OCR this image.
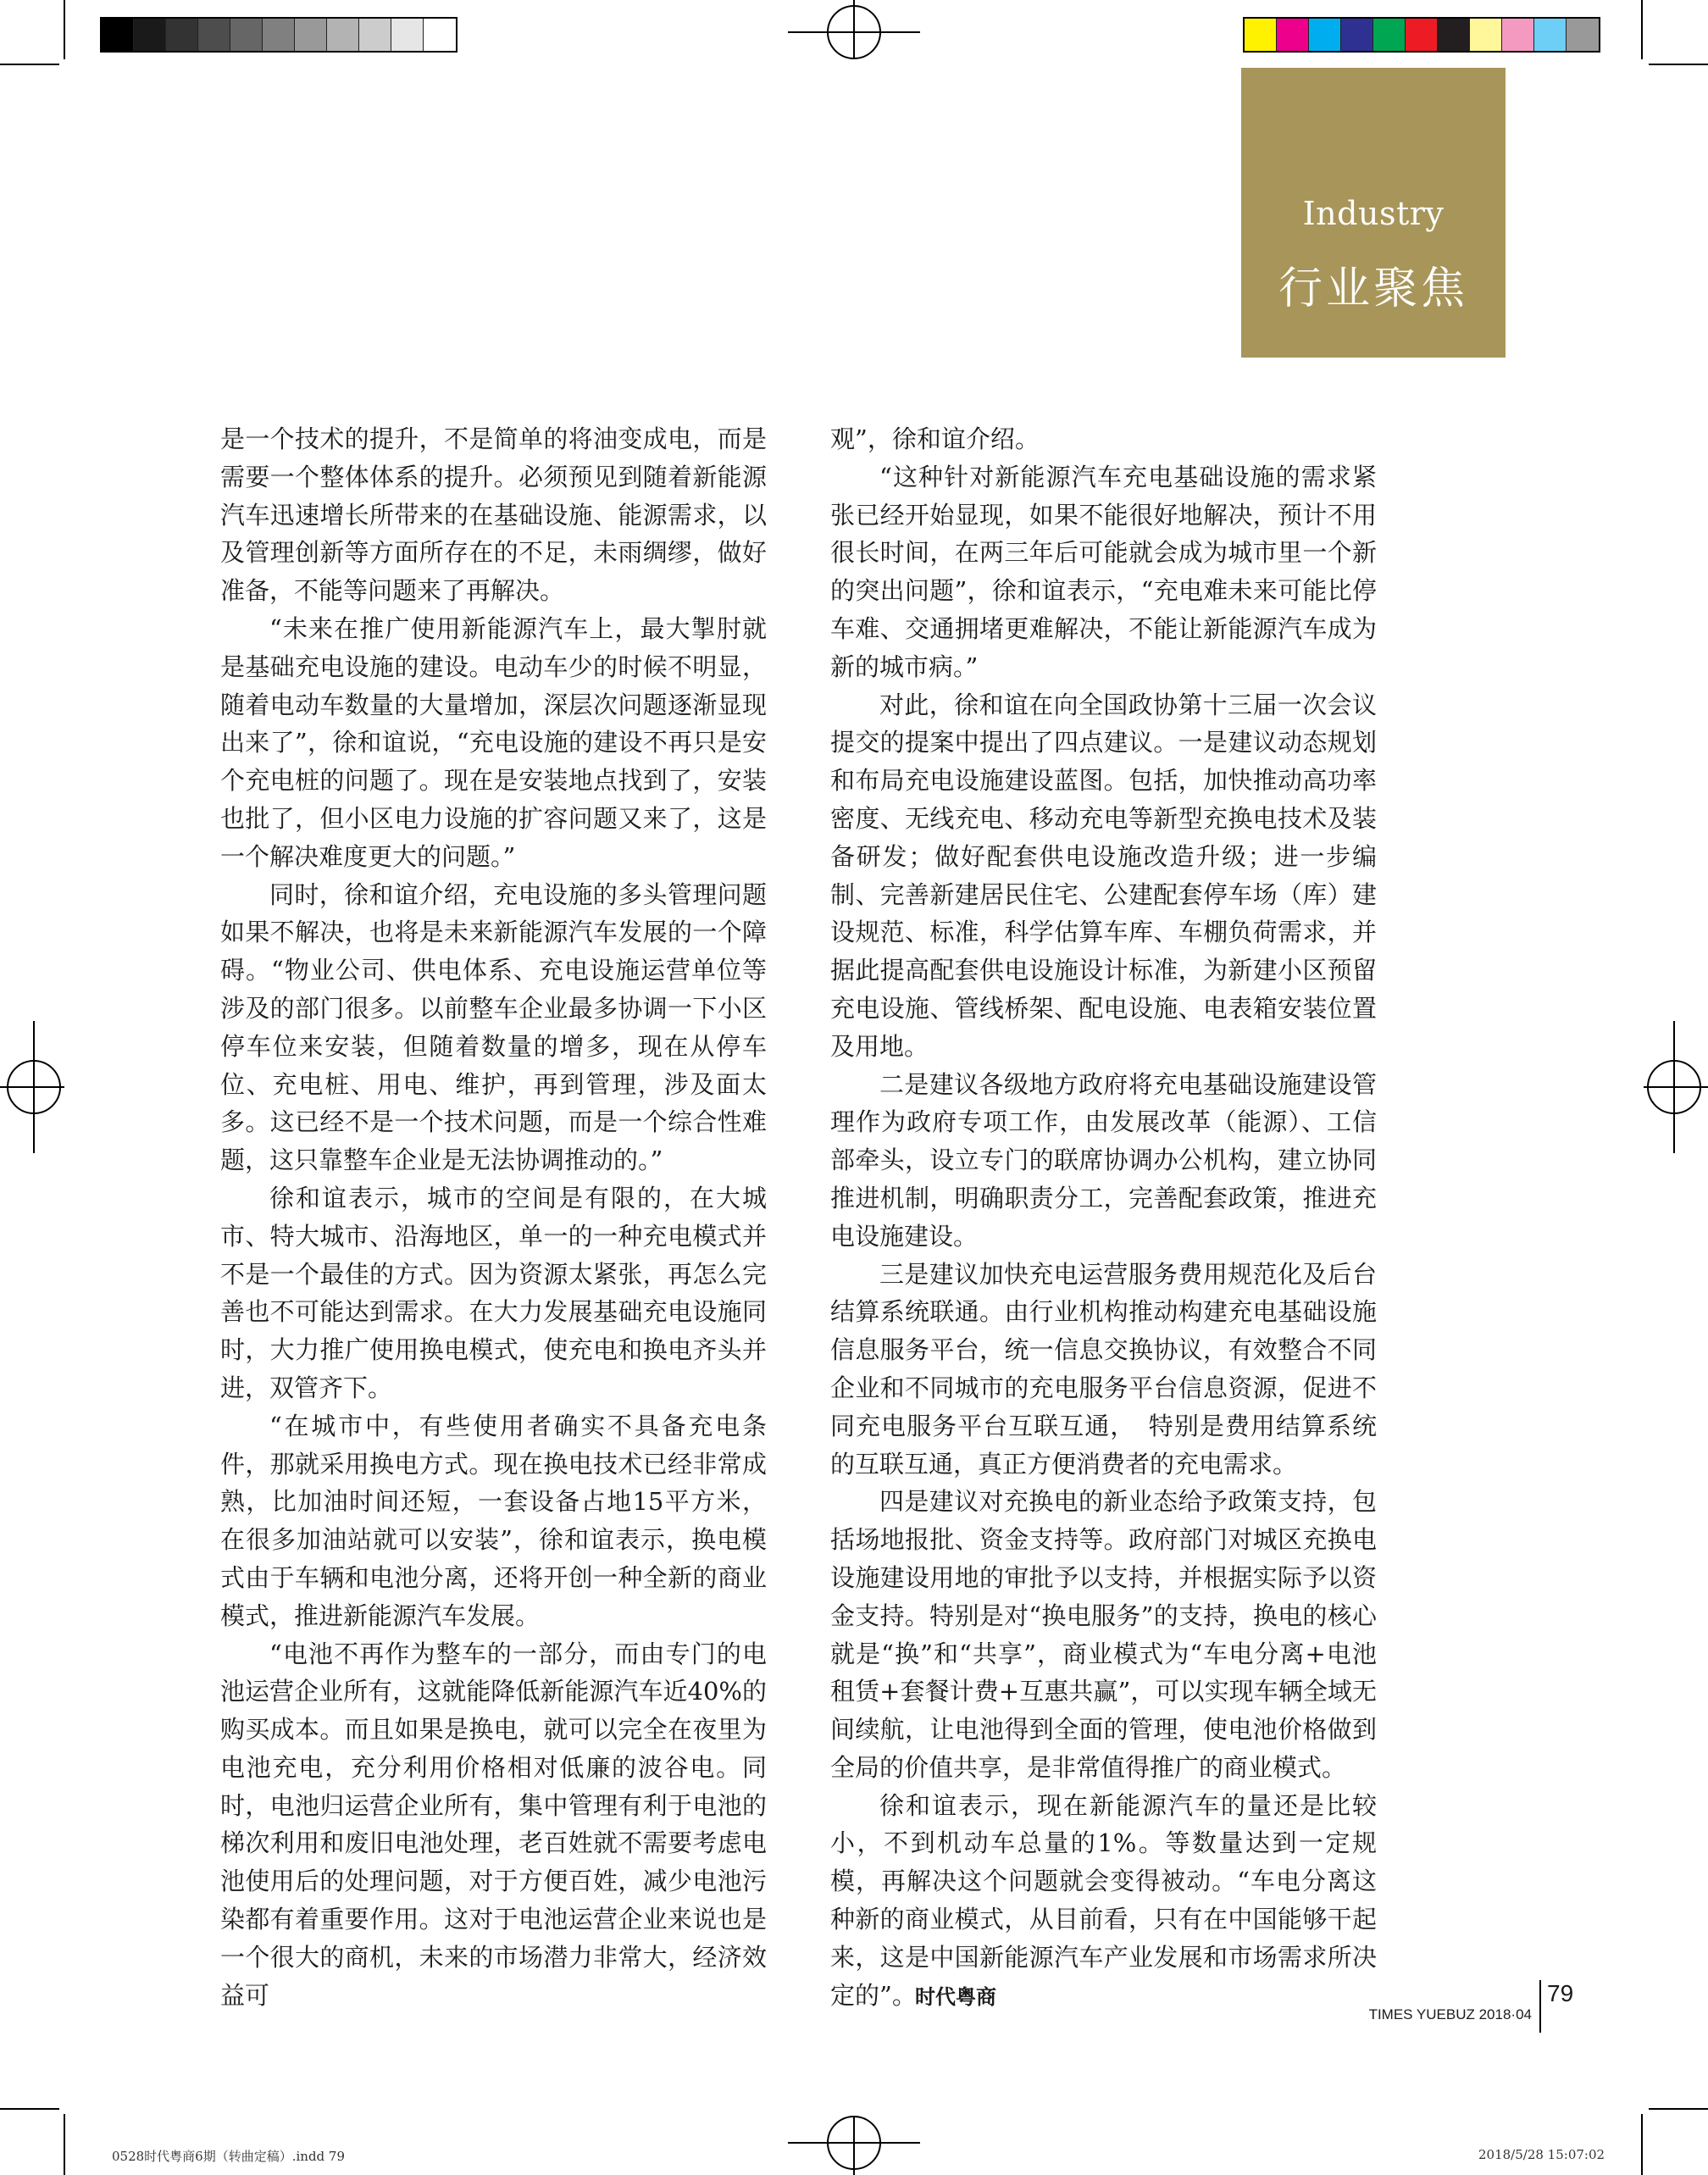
Industry
行业聚焦

是一个技术的提升，不是简单的将油变成电，而是需要一个整体体系的提升。必须预见到随着新能源汽车迅速增长所带来的在基础设施、能源需求，以及管理创新等方面所存在的不足，未雨绸缪，做好准备，不能等问题来了再解决。

“未来在推广使用新能源汽车上，最大掣肘就是基础充电设施的建设。电动车少的时候不明显，随着电动车数量的大量增加，深层次问题逐渐显现出来了”，徐和谊说，“充电设施的建设不再只是安个充电桩的问题了。现在是安装地点找到了，安装也批了，但小区电力设施的扩容问题又来了，这是一个解决难度更大的问题。”

同时，徐和谊介绍，充电设施的多头管理问题如果不解决，也将是未来新能源汽车发展的一个障碍。“物业公司、供电体系、充电设施运营单位等涉及的部门很多。以前整车企业最多协调一下小区停车位来安装，但随着数量的增多，现在从停车位、充电桩、用电、维护，再到管理，涉及面太多。这已经不是一个技术问题，而是一个综合性难题，这只靠整车企业是无法协调推动的。”

徐和谊表示，城市的空间是有限的，在大城市、特大城市、沿海地区，单一的一种充电模式并不是一个最佳的方式。因为资源太紧张，再怎么完善也不可能达到需求。在大力发展基础充电设施同时，大力推广使用换电模式，使充电和换电齐头并进，双管齐下。

“在城市中，有些使用者确实不具备充电条件，那就采用换电方式。现在换电技术已经非常成熟，比加油时间还短，一套设备占地15平方米，在很多加油站就可以安装”，徐和谊表示，换电模式由于车辆和电池分离，还将开创一种全新的商业模式，推进新能源汽车发展。

“电池不再作为整车的一部分，而由专门的电池运营企业所有，这就能降低新能源汽车近40%的购买成本。而且如果是换电，就可以完全在夜里为电池充电，充分利用价格相对低廉的波谷电。同时，电池归运营企业所有，集中管理有利于电池的梯次利用和废旧电池处理，老百姓就不需要考虑电池使用后的处理问题，对于方便百姓，减少电池污染都有着重要作用。这对于电池运营企业来说也是一个很大的商机，未来的市场潜力非常大，经济效益可

观”，徐和谊介绍。

“这种针对新能源汽车充电基础设施的需求紧张已经开始显现，如果不能很好地解决，预计不用很长时间，在两三年后可能就会成为城市里一个新的突出问题”，徐和谊表示，“充电难未来可能比停车难、交通拥堵更难解决，不能让新能源汽车成为新的城市病。”

对此，徐和谊在向全国政协第十三届一次会议提交的提案中提出了四点建议。一是建议动态规划和布局充电设施建设蓝图。包括，加快推动高功率密度、无线充电、移动充电等新型充换电技术及装备研发；做好配套供电设施改造升级；进一步编制、完善新建居民住宅、公建配套停车场（库）建设规范、标准，科学估算车库、车棚负荷需求，并据此提高配套供电设施设计标准，为新建小区预留充电设施、管线桥架、配电设施、电表箱安装位置及用地。

二是建议各级地方政府将充电基础设施建设管理作为政府专项工作，由发展改革（能源）、工信部牵头，设立专门的联席协调办公机构，建立协同推进机制，明确职责分工，完善配套政策，推进充电设施建设。

三是建议加快充电运营服务费用规范化及后台结算系统联通。由行业机构推动构建充电基础设施信息服务平台，统一信息交换协议，有效整合不同企业和不同城市的充电服务平台信息资源，促进不同充电服务平台互联互通，　特别是费用结算系统的互联互通，真正方便消费者的充电需求。

四是建议对充换电的新业态给予政策支持，包括场地报批、资金支持等。政府部门对城区充换电设施建设用地的审批予以支持，并根据实际予以资金支持。特别是对“换电服务”的支持，换电的核心就是“换”和“共享”，商业模式为“车电分离+电池租赁+套餐计费+互惠共赢”，可以实现车辆全域无间续航，让电池得到全面的管理，使电池价格做到全局的价值共享，是非常值得推广的商业模式。

徐和谊表示，现在新能源汽车的量还是比较小，不到机动车总量的1%。等数量达到一定规模，再解决这个问题就会变得被动。“车电分离这种新的商业模式，从目前看，只有在中国能够干起来，这是中国新能源汽车产业发展和市场需求所决定的”。

时代粤商
TIMES YUEBUZ 2018·04
79
0528时代粤商6期（转曲定稿）.indd 79	2018/5/28 15:07:02
